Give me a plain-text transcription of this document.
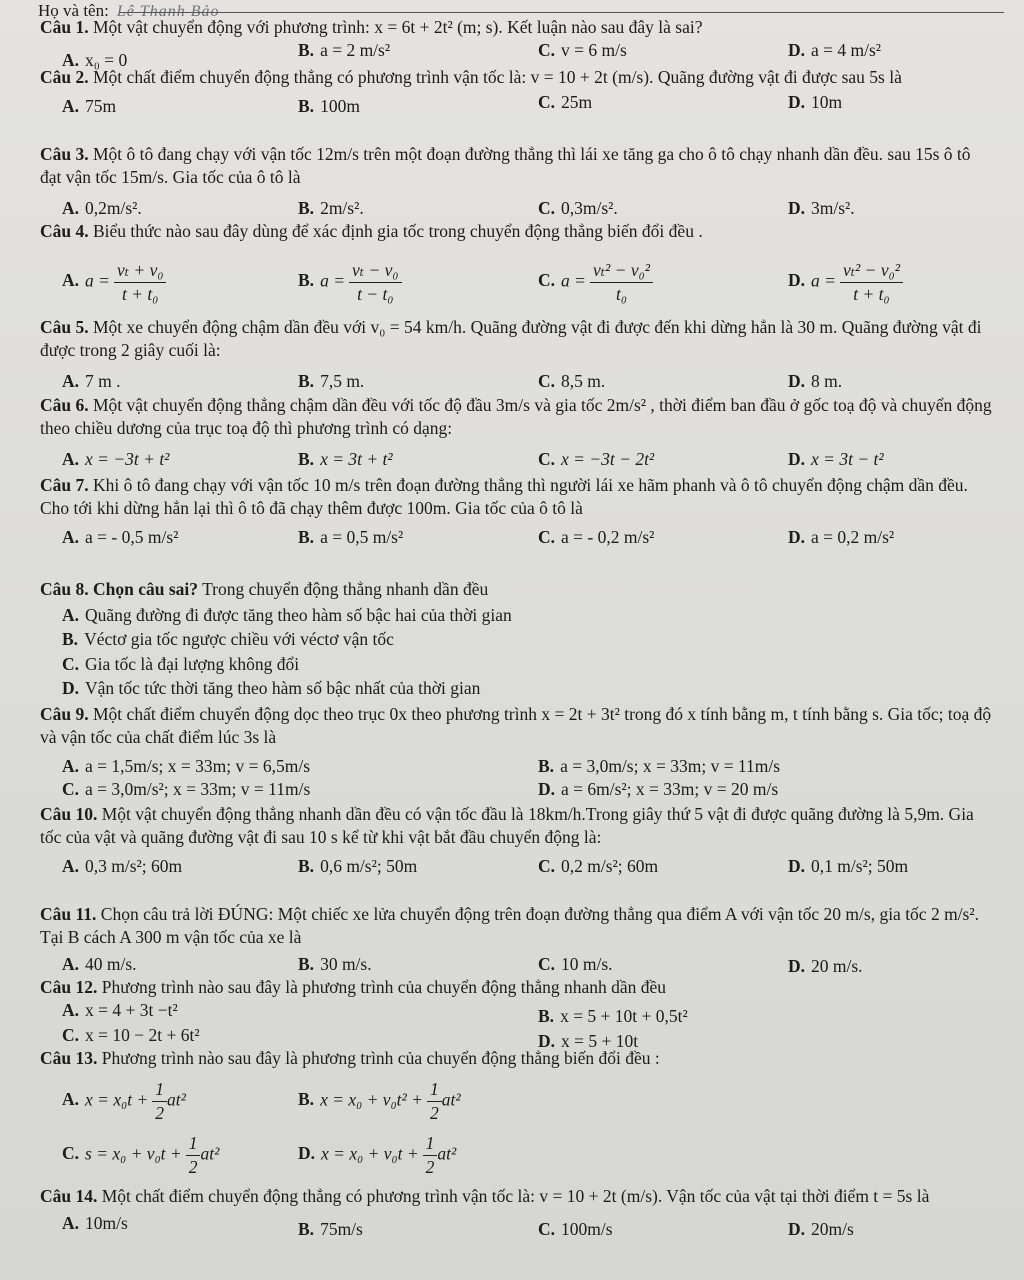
Họ và tên: Lê Thanh Bảo

Câu 1. Một vật chuyển động với phương trình: x = 6t + 2t² (m; s). Kết luận nào sau đây là sai?

A. x₀ = 0	B. a = 2 m/s²	C. v = 6 m/s	D. a = 4 m/s²

Câu 2. Một chất điểm chuyển động thẳng có phương trình vận tốc là: v = 10 + 2t (m/s). Quãng đường vật đi được sau 5s là

A. 75m	B. 100m	C. 25m	D. 10m

Câu 3. Một ô tô đang chạy với vận tốc 12m/s trên một đoạn đường thẳng thì lái xe tăng ga cho ô tô chạy nhanh dần đều. sau 15s ô tô đạt vận tốc 15m/s. Gia tốc của ô tô là

A. 0,2m/s².	B. 2m/s².	C. 0,3m/s².	D. 3m/s².

Câu 4. Biểu thức nào sau đây dùng để xác định gia tốc trong chuyển động thẳng biến đổi đều .

A. $a = \frac{\text{vₜ + v₀}}{\text{t + t₀}}$	B. $a = \frac{\text{vₜ − v₀}}{\text{t − t₀}}$	C. $a = \frac{\text{vₜ² − v₀²}}{\text{t₀}}$	D. $a = \frac{\text{vₜ² − v₀²}}{\text{t + t₀}}$

Câu 5. Một xe chuyển động chậm dần đều với v₀ = 54 km/h. Quãng đường vật đi được đến khi dừng hẳn là 30 m. Quãng đường vật đi được trong 2 giây cuối là:

A. 7 m .	B. 7,5 m.	C. 8,5 m.	D. 8 m.

Câu 6. Một vật chuyển động thẳng chậm dần đều với tốc độ đầu 3m/s và gia tốc 2m/s² , thời điểm ban đầu ở gốc toạ độ và chuyển động theo chiều dương của trục toạ độ thì phương trình có dạng:

A. x = −3t + t²	B. x = 3t + t²	C. x = −3t − 2t²	D. x = 3t − t²

Câu 7. Khi ô tô đang chạy với vận tốc 10 m/s trên đoạn đường thẳng thì người lái xe hãm phanh và ô tô chuyển động chậm dần đều. Cho tới khi dừng hẳn lại thì ô tô đã chạy thêm được 100m. Gia tốc của ô tô là

A. a = - 0,5 m/s²	B. a = 0,5 m/s²	C. a = - 0,2 m/s²	D. a = 0,2 m/s²

Câu 8. Chọn câu sai? Trong chuyển động thẳng nhanh dần đều

A. Quãng đường đi được tăng theo hàm số bậc hai của thời gian
B. Véctơ gia tốc ngược chiều với véctơ vận tốc
C. Gia tốc là đại lượng không đổi
D. Vận tốc tức thời tăng theo hàm số bậc nhất của thời gian

Câu 9. Một chất điểm chuyển động dọc theo trục 0x theo phương trình x = 2t + 3t² trong đó x tính bằng m, t tính bằng s. Gia tốc; toạ độ và vận tốc của chất điểm lúc 3s là

A. a = 1,5m/s; x = 33m; v = 6,5m/s	B. a = 3,0m/s; x = 33m; v = 11m/s
C. a = 3,0m/s²; x = 33m; v = 11m/s	D. a = 6m/s²; x = 33m; v = 20 m/s

Câu 10. Một vật chuyển động thẳng nhanh dần đều có vận tốc đầu là 18km/h.Trong giây thứ 5 vật đi được quãng đường là 5,9m. Gia tốc của vật và quãng đường vật đi sau 10 s kể từ khi vật bắt đầu chuyển động là:

A. 0,3 m/s²; 60m	B. 0,6 m/s²; 50m	C. 0,2 m/s²; 60m	D. 0,1 m/s²; 50m

Câu 11. Chọn câu trả lời ĐÚNG: Một chiếc xe lửa chuyển động trên đoạn đường thẳng qua điểm A với vận tốc 20 m/s, gia tốc 2 m/s². Tại B cách A 300 m vận tốc của xe là

A. 40 m/s.	B. 30 m/s.	C. 10 m/s.	D. 20 m/s.

Câu 12. Phương trình nào sau đây là phương trình của chuyển động thẳng nhanh dần đều

A. x = 4 + 3t −t²	B. x = 5 + 10t + 0,5t²
C. x = 10 − 2t + 6t²	D. x = 5 + 10t

Câu 13. Phương trình nào sau đây là phương trình của chuyển động thẳng biến đổi đều :

A. $x = x_0t + \frac{1}{2} at^2$	B. $x = x_0 + v_0t^2 + \frac{1}{2} at^2$
C. $s = x_0 + v_0t + \frac{1}{2} at^2$	D. $x = x_0 + v_0t + \frac{1}{2} at^2$

Câu 14. Một chất điểm chuyển động thẳng có phương trình vận tốc là: v = 10 + 2t (m/s). Vận tốc của vật tại thời điểm t = 5s là

A. 10m/s	B. 75m/s	C. 100m/s	D. 20m/s
